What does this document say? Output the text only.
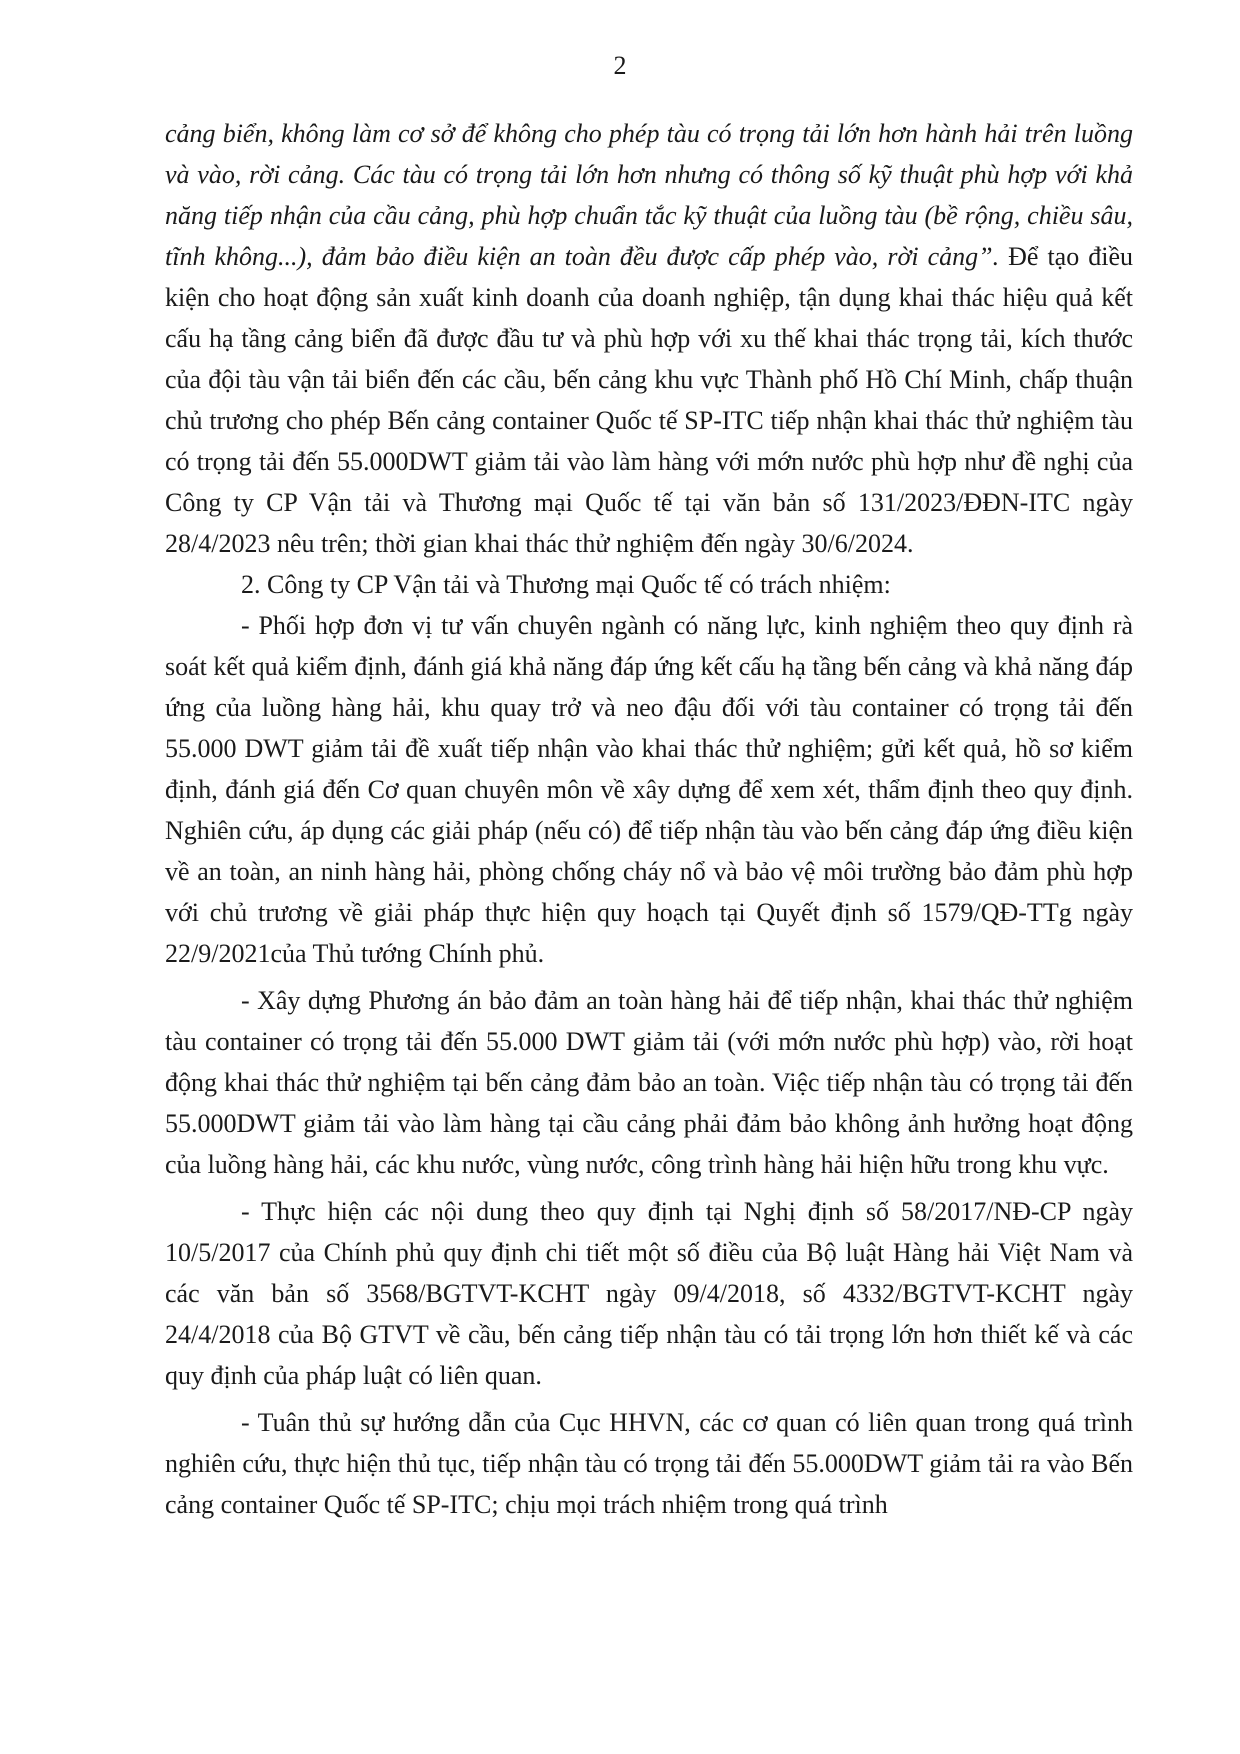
2

cảng biển, không làm cơ sở để không cho phép tàu có trọng tải lớn hơn hành hải trên luồng và vào, rời cảng. Các tàu có trọng tải lớn hơn nhưng có thông số kỹ thuật phù hợp với khả năng tiếp nhận của cầu cảng, phù hợp chuẩn tắc kỹ thuật của luồng tàu (bề rộng, chiều sâu, tĩnh không...), đảm bảo điều kiện an toàn đều được cấp phép vào, rời cảng”. Để tạo điều kiện cho hoạt động sản xuất kinh doanh của doanh nghiệp, tận dụng khai thác hiệu quả kết cấu hạ tầng cảng biển đã được đầu tư và phù hợp với xu thế khai thác trọng tải, kích thước của đội tàu vận tải biển đến các cầu, bến cảng khu vực Thành phố Hồ Chí Minh, chấp thuận chủ trương cho phép Bến cảng container Quốc tế SP-ITC tiếp nhận khai thác thử nghiệm tàu có trọng tải đến 55.000DWT giảm tải vào làm hàng với mớn nước phù hợp như đề nghị của Công ty CP Vận tải và Thương mại Quốc tế tại văn bản số 131/2023/ĐĐN-ITC ngày 28/4/2023 nêu trên; thời gian khai thác thử nghiệm đến ngày 30/6/2024.

2. Công ty CP Vận tải và Thương mại Quốc tế có trách nhiệm:

- Phối hợp đơn vị tư vấn chuyên ngành có năng lực, kinh nghiệm theo quy định rà soát kết quả kiểm định, đánh giá khả năng đáp ứng kết cấu hạ tầng bến cảng và khả năng đáp ứng của luồng hàng hải, khu quay trở và neo đậu đối với tàu container có trọng tải đến 55.000 DWT giảm tải đề xuất tiếp nhận vào khai thác thử nghiệm; gửi kết quả, hồ sơ kiểm định, đánh giá đến Cơ quan chuyên môn về xây dựng để xem xét, thẩm định theo quy định. Nghiên cứu, áp dụng các giải pháp (nếu có) để tiếp nhận tàu vào bến cảng đáp ứng điều kiện về an toàn, an ninh hàng hải, phòng chống cháy nổ và bảo vệ môi trường bảo đảm phù hợp với chủ trương về giải pháp thực hiện quy hoạch tại Quyết định số 1579/QĐ-TTg ngày 22/9/2021của Thủ tướng Chính phủ.

- Xây dựng Phương án bảo đảm an toàn hàng hải để tiếp nhận, khai thác thử nghiệm tàu container có trọng tải đến 55.000 DWT giảm tải (với mớn nước phù hợp) vào, rời hoạt động khai thác thử nghiệm tại bến cảng đảm bảo an toàn. Việc tiếp nhận tàu có trọng tải đến 55.000DWT giảm tải vào làm hàng tại cầu cảng phải đảm bảo không ảnh hưởng hoạt động của luồng hàng hải, các khu nước, vùng nước, công trình hàng hải hiện hữu trong khu vực.

- Thực hiện các nội dung theo quy định tại Nghị định số 58/2017/NĐ-CP ngày 10/5/2017 của Chính phủ quy định chi tiết một số điều của Bộ luật Hàng hải Việt Nam và các văn bản số 3568/BGTVT-KCHT ngày 09/4/2018, số 4332/BGTVT-KCHT ngày 24/4/2018 của Bộ GTVT về cầu, bến cảng tiếp nhận tàu có tải trọng lớn hơn thiết kế và các quy định của pháp luật có liên quan.

- Tuân thủ sự hướng dẫn của Cục HHVN, các cơ quan có liên quan trong quá trình nghiên cứu, thực hiện thủ tục, tiếp nhận tàu có trọng tải đến 55.000DWT giảm tải ra vào Bến cảng container Quốc tế SP-ITC; chịu mọi trách nhiệm trong quá trình
